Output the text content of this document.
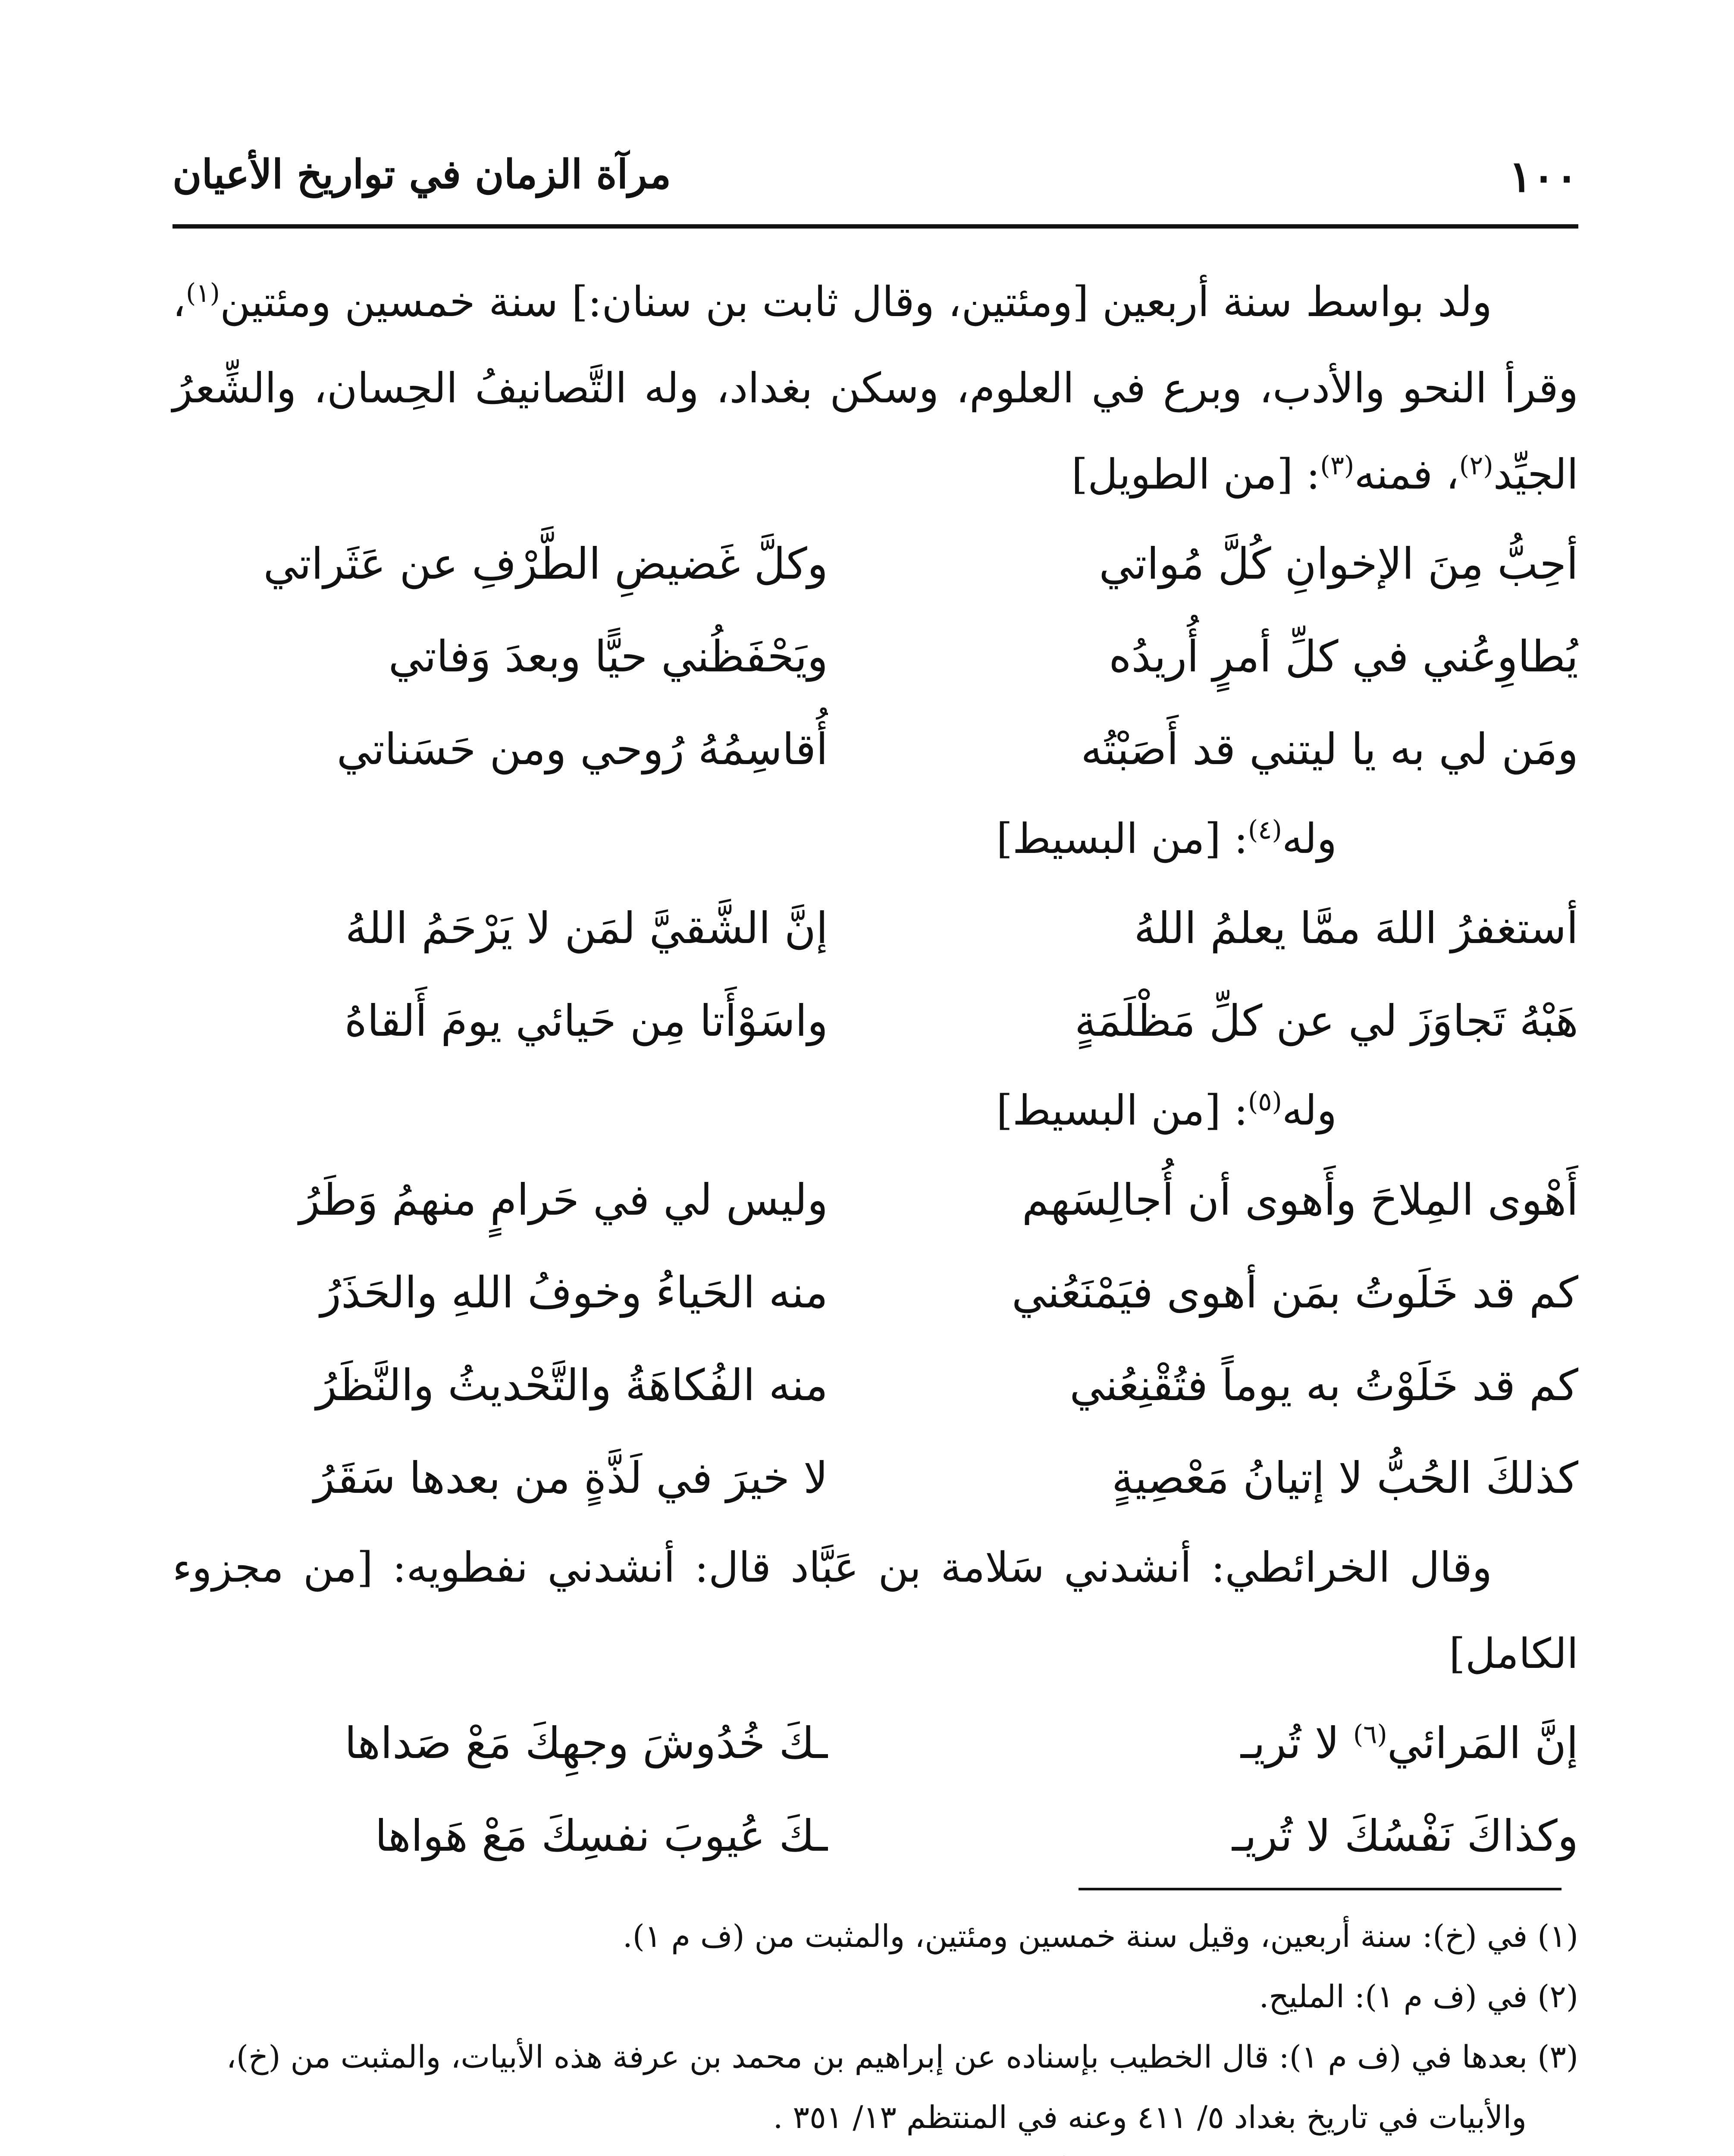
١٠٠
مرآة الزمان في تواريخ الأعيان

ولد بواسط سنة أربعين [ومئتين، وقال ثابت بن سنان:] سنة خمسين ومئتين$^{(١)}$، وقرأ النحو والأدب، وبرع في العلوم، وسكن بغداد، وله التَّصانيفُ الحِسان، والشِّعرُ الجيِّد$^{(٢)}$، فمنه$^{(٣)}$: [من الطويل]

أحِبُّ مِنَ الإخوانِ كُلَّ مُواتي
وكلَّ غَضيضِ الطَّرْفِ عن عَثَراتي
يُطاوِعُني في كلِّ أمرٍ أُريدُه
ويَحْفَظُني حيًّا وبعدَ وَفاتي
ومَن لي به يا ليتني قد أَصَبْتُه
أُقاسِمُهُ رُوحي ومن حَسَناتي

وله$^{(٤)}$: [من البسيط]

أستغفرُ اللهَ ممَّا يعلمُ اللهُ
إنَّ الشَّقيَّ لمَن لا يَرْحَمُ اللهُ
هَبْهُ تَجاوَزَ لي عن كلِّ مَظْلَمَةٍ
واسَوْأَتا مِن حَيائي يومَ أَلقاهُ

وله$^{(٥)}$: [من البسيط]

أَهْوى المِلاحَ وأَهوى أن أُجالِسَهم
وليس لي في حَرامٍ منهمُ وَطَرُ
كم قد خَلَوتُ بمَن أهوى فيَمْنَعُني
منه الحَياءُ وخوفُ اللهِ والحَذَرُ
كم قد خَلَوْتُ به يوماً فتُقْنِعُني
منه الفُكاهَةُ والتَّحْديثُ والنَّظَرُ
كذلكَ الحُبُّ لا إتيانُ مَعْصِيةٍ
لا خيرَ في لَذَّةٍ من بعدها سَقَرُ

وقال الخرائطي: أنشدني سَلامة بن عَبَّاد قال: أنشدني نفطويه: [من مجزوء الكامل]

إنَّ المَرائي$^{(٦)}$ لا تُريـ
ـكَ خُدُوشَ وجهِكَ مَعْ صَداها
وكذاكَ نَفْسُكَ لا تُريـ
ـكَ عُيوبَ نفسِكَ مَعْ هَواها

(١) في (خ): سنة أربعين، وقيل سنة خمسين ومئتين، والمثبت من (ف م ١).

(٢) في (ف م ١): المليح.

(٣) بعدها في (ف م ١): قال الخطيب بإسناده عن إبراهيم بن محمد بن عرفة هذه الأبيات، والمثبت من (خ)،
والأبيات في تاريخ بغداد ٥/ ٤١١ وعنه في المنتظم ١٣/ ٣٥١ .
